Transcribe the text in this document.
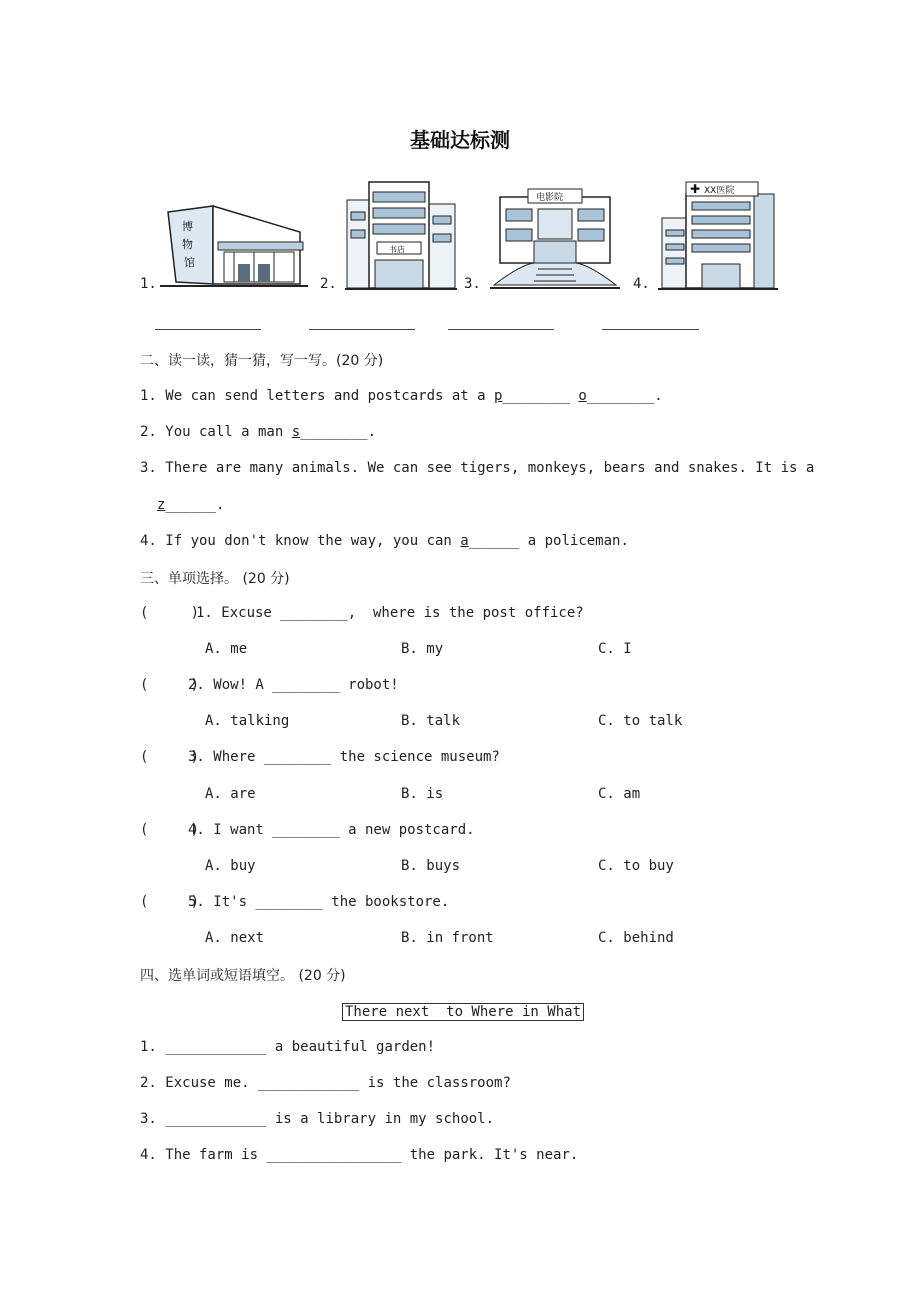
基础达标测
1.	2.	3.	4.
博
物
馆
书店
电影院
✚ XX医院
二、读一读，猜一猜，写一写。(20 分)
1. We can send letters and postcards at a p________ o________.
2. You call a man s________.
3. There are many animals. We can see tigers, monkeys, bears and snakes. It is a
z______.
4. If you don't know the way, you can a______ a policeman.
三、单项选择。 (20 分)
(     )
1. Excuse ________,  where is the post office?
A. me	B. my	C. I
(     )
2. Wow! A ________ robot!
A. talking	B. talk	C. to talk
(     )
3. Where ________ the science museum?
A. are	B. is	C. am
(     )
4. I want ________ a new postcard.
A. buy	B. buys	C. to buy
(     )
5. It's ________ the bookstore.
A. next	B. in front	C. behind
四、选单词或短语填空。 (20 分)
There next  to Where in What
1. ____________ a beautiful garden!
2. Excuse me. ____________ is the classroom?
3. ____________ is a library in my school.
4. The farm is ________________ the park. It's near.
